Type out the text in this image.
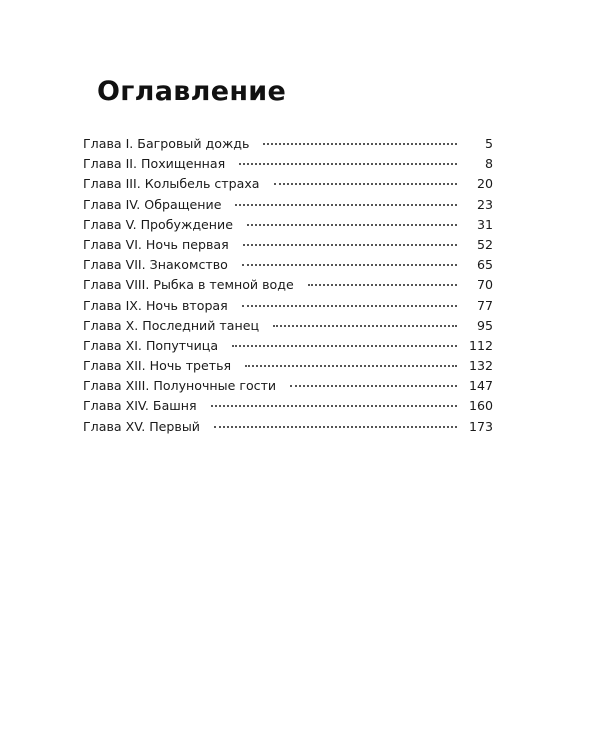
Оглавление
Глава I. Багровый дождь	5
Глава II. Похищенная	8
Глава III. Колыбель страха	20
Глава IV. Обращение	23
Глава V. Пробуждение	31
Глава VI. Ночь первая	52
Глава VII. Знакомство	65
Глава VIII. Рыбка в темной воде	70
Глава IX. Ночь вторая	77
Глава X. Последний танец	95
Глава XI. Попутчица	112
Глава XII. Ночь третья	132
Глава XIII. Полуночные гости	147
Глава XIV. Башня	160
Глава XV. Первый	173
